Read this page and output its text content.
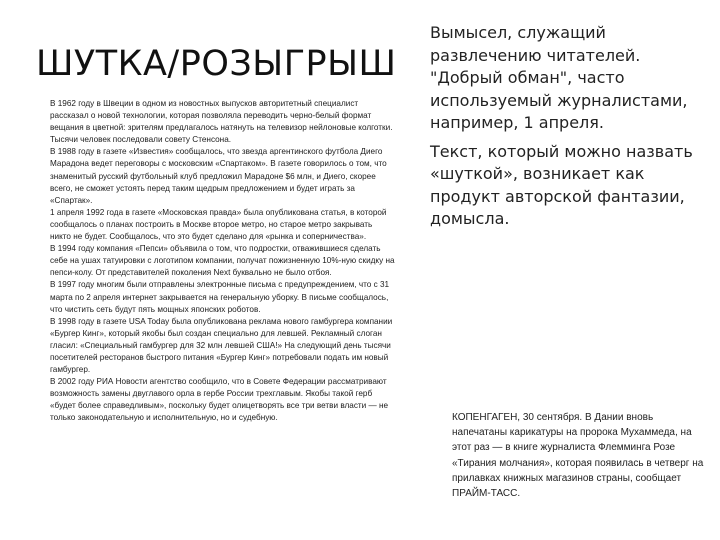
ШУТКА/РОЗЫГРЫШ

В 1962 году в Швеции в одном из новостных выпусков авторитетный специалист рассказал о новой технологии, которая позволяла переводить черно-белый формат вещания в цветной: зрителям предлагалось натянуть на телевизор нейлоновые колготки. Тысячи человек последовали совету Стенсона.

В 1988 году в газете «Известия» сообщалось, что звезда аргентинского футбола Диего Марадона ведет переговоры с московским «Спартаком». В газете говорилось о том, что знаменитый русский футбольный клуб предложил Марадоне $6 млн, и Диего, скорее всего, не сможет устоять перед таким щедрым предложением и будет играть за «Спартак».

1 апреля 1992 года в газете «Московская правда» была опубликована статья, в которой сообщалось о планах построить в Москве второе метро, но старое метро закрывать никто не будет. Сообщалось, что это будет сделано для «рынка и соперничества».

В 1994 году компания «Пепси» объявила о том, что подростки, отважившиеся сделать себе на ушах татуировки с логотипом компании, получат пожизненную 10%-ную скидку на пепси-колу. От представителей поколения Next буквально не было отбоя.

В 1997 году многим были отправлены электронные письма с предупреждением, что с 31 марта по 2 апреля интернет закрывается на генеральную уборку. В письме сообщалось, что чистить сеть будут пять мощных японских роботов.

В 1998 году в газете USA Today была опубликована реклама нового гамбургера компании «Бургер Кинг», который якобы был создан специально для левшей. Рекламный слоган гласил: «Специальный гамбургер для 32 млн левшей США!» На следующий день тысячи посетителей ресторанов быстрого питания «Бургер Кинг» потребовали подать им новый гамбургер.

В 2002 году РИА Новости агентство сообщило, что в Совете Федерации рассматривают возможность замены двуглавого орла в гербе России трехглавым. Якобы такой герб «будет более справедливым», поскольку будет олицетворять все три ветви власти — не только законодательную и исполнительную, но и судебную.

Вымысел, служащий развлечению читателей. "Добрый обман", часто используемый журналистами, например, 1 апреля.

Текст, который можно назвать «шуткой», возникает как продукт авторской фантазии, домысла.

КОПЕНГАГЕН, 30 сентября. В Дании вновь напечатаны карикатуры на пророка Мухаммеда, на этот раз — в книге журналиста Флемминга Розе «Тирания молчания», которая появилась в четверг на прилавках книжных магазинов страны, сообщает ПРАЙМ-ТАСС.
